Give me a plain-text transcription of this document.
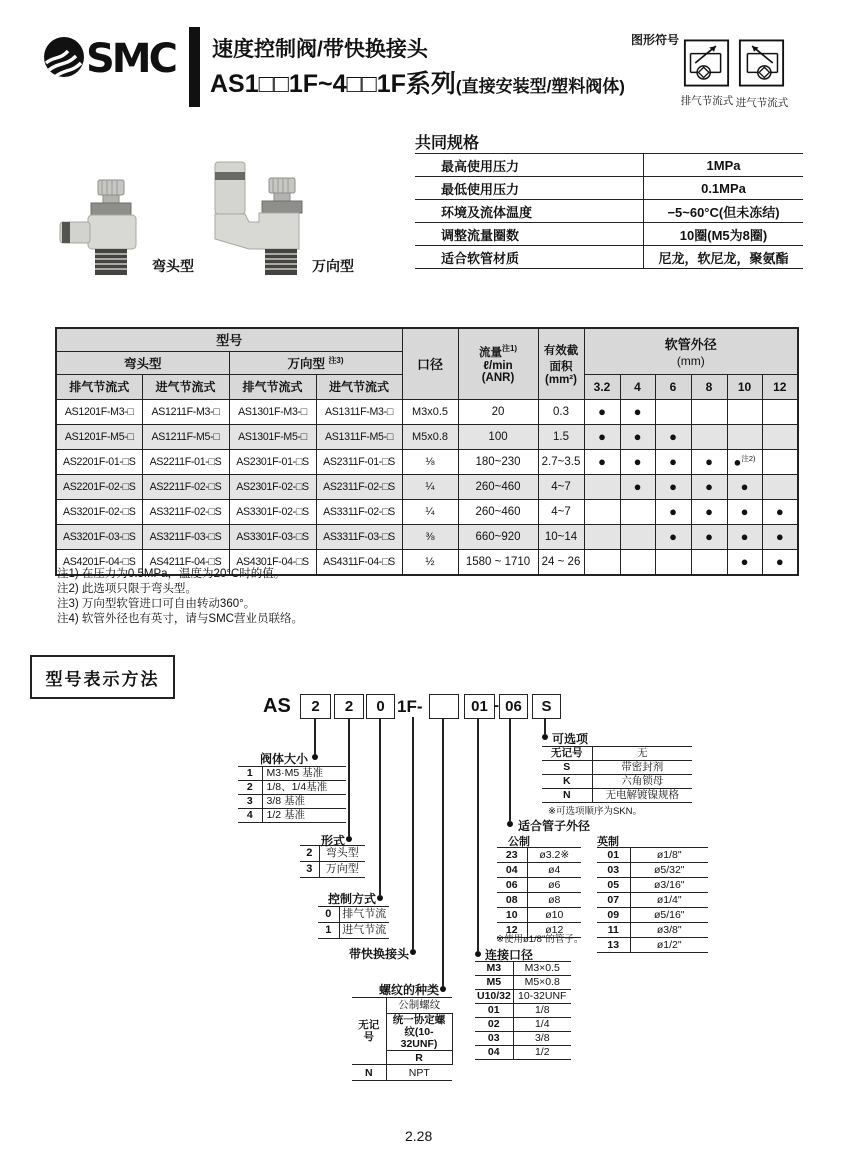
SMC 速度控制阀/带快换接头
AS1□□1F~4□□1F系列(直接安装型/塑料阀体)
图形符号
排气节流式 进气节流式
弯头型	万向型
共同规格
最高使用压力	1MPa
最低使用压力	0.1MPa
环境及流体温度	−5~60°C(但未冻结)
调整流量圈数	10圈(M5为8圈)
适合软管材质	尼龙，软尼龙，聚氨酯
型号				口径	流量$^{注1)}$
ℓ/min
(ANR)	有效截
面积
(mm²)	软管外径
(mm)					
弯头型		万向型 $^{注3)}$
排气节流式	进气节流式	排气节流式	进气节流式				3.2	4	6	8	10	12
AS1201F-M3-□	AS1211F-M3-□	AS1301F-M3-□	AS1311F-M3-□	M3x0.5	20	0.3	●	●				
AS1201F-M5-□	AS1211F-M5-□	AS1301F-M5-□	AS1311F-M5-□	M5x0.8	100	1.5	●	●	●			
AS2201F-01-□S	AS2211F-01-□S	AS2301F-01-□S	AS2311F-01-□S	⅛	180~230	2.7~3.5	●	●	●	●	●$^{注2)}$	
AS2201F-02-□S	AS2211F-02-□S	AS2301F-02-□S	AS2311F-02-□S	¼	260~460	4~7		●	●	●	●	
AS3201F-02-□S	AS3211F-02-□S	AS3301F-02-□S	AS3311F-02-□S	¼	260~460	4~7			●	●	●	●
AS3201F-03-□S	AS3211F-03-□S	AS3301F-03-□S	AS3311F-03-□S	⅜	660~920	10~14			●	●	●	●
AS4201F-04-□S	AS4211F-04-□S	AS4301F-04-□S	AS4311F-04-□S	½	1580 ~ 1710	24 ~ 26					●	●
注1) 在压力为0.5MPa，温度为20°C时的值。
注2) 此选项只限于弯头型。
注3) 万向型软管进口可自由转动360°。
注4) 软管外径也有英寸，请与SMC营业员联络。
型号表示方法
AS	2	2	0 1F-	01 - 06	S
阀体大小
1	M3·M5 基准
2	1/8、1/4基准
3	3/8 基准
4	1/2 基准
形式
2	弯头型
3	万向型
控制方式
0	排气节流
1	进气节流
带快换接头
螺纹的种类
无记号	公制螺纹
	统一协定螺纹(10-32UNF)
	R
N	NPT
可选项
无记号	无
S	带密封剂
K	六角锁母
N	无电解镀镍规格
※可选项顺序为SKN。
适合管子外径
公制
23	ø3.2※
04	ø4
06	ø6
08	ø8
10	ø10
12	ø12
※使用ø1/8"的管子。
英制
01	ø1/8"
03	ø5/32"
05	ø3/16"
07	ø1/4"
09	ø5/16"
11	ø3/8"
13	ø1/2"
连接口径
M3	M3×0.5
M5	M5×0.8
U10/32	10-32UNF
01	1/8
02	1/4
03	3/8
04	1/2
2.28
